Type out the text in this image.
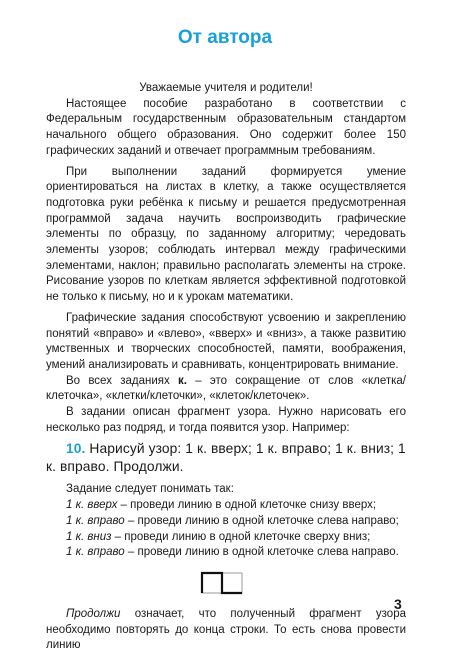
От автора

Уважаемые учителя и родители!

Настоящее пособие разработано в соответствии с Федеральным государственным образовательным стандартом начального общего образования. Оно содержит более 150 графических заданий и отвечает программным требованиям.

При выполнении заданий формируется умение ориентироваться на листах в клетку, а также осуществляется подготовка руки ребёнка к письму и решается предусмотренная программой задача научить воспроизводить графические элементы по образцу, по заданному алгоритму; чередовать элементы узоров; соблюдать интервал между графическими элементами, наклон; правильно располагать элементы на строке. Рисование узоров по клеткам является эффективной подготовкой не только к письму, но и к урокам математики.

Графические задания способствуют усвоению и закреплению понятий «вправо» и «влево», «вверх» и «вниз», а также развитию умственных и творческих способностей, памяти, воображения, умений анализировать и сравнивать, концентрировать внимание.

Во всех заданиях к. – это сокращение от слов «клетка/клеточка», «клетки/клеточки», «клеток/клеточек».

В задании описан фрагмент узора. Нужно нарисовать его несколько раз подряд, и тогда появится узор. Например:

10. Нарисуй узор: 1 к. вверх; 1 к. вправо; 1 к. вниз; 1 к. вправо. Продолжи.

Задание следует понимать так:

1 к. вверх – проведи линию в одной клеточке снизу вверх;
1 к. вправо – проведи линию в одной клеточке слева направо;
1 к. вниз – проведи линию в одной клеточке сверху вниз;
1 к. вправо – проведи линию в одной клеточке слева направо.

Продолжи означает, что полученный фрагмент узора необходимо повторять до конца строки. То есть снова провести линию

3
